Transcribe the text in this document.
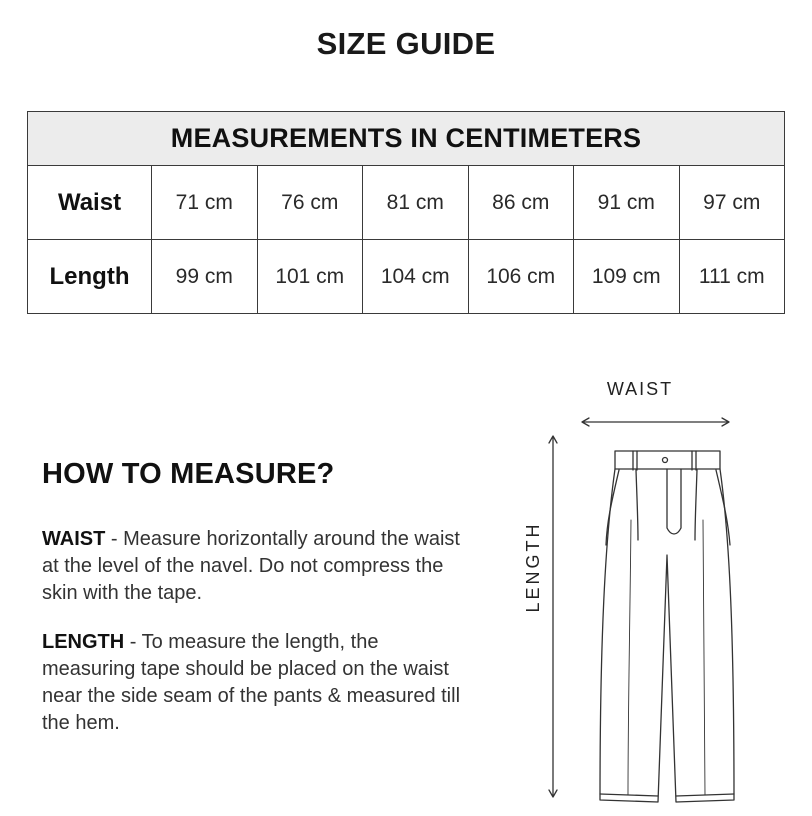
SIZE GUIDE
MEASUREMENTS IN CENTIMETERS						
Waist	71 cm	76 cm	81 cm	86 cm	91 cm	97 cm
Length	99 cm	101 cm	104 cm	106 cm	109 cm	111 cm
HOW TO MEASURE?
WAIST - Measure horizontally around the waist at the level of the navel. Do not compress the skin with the tape.
LENGTH - To measure the length, the measuring tape should be placed on the waist near the side seam of the pants & measured till the hem.
WAIST
LENGTH
